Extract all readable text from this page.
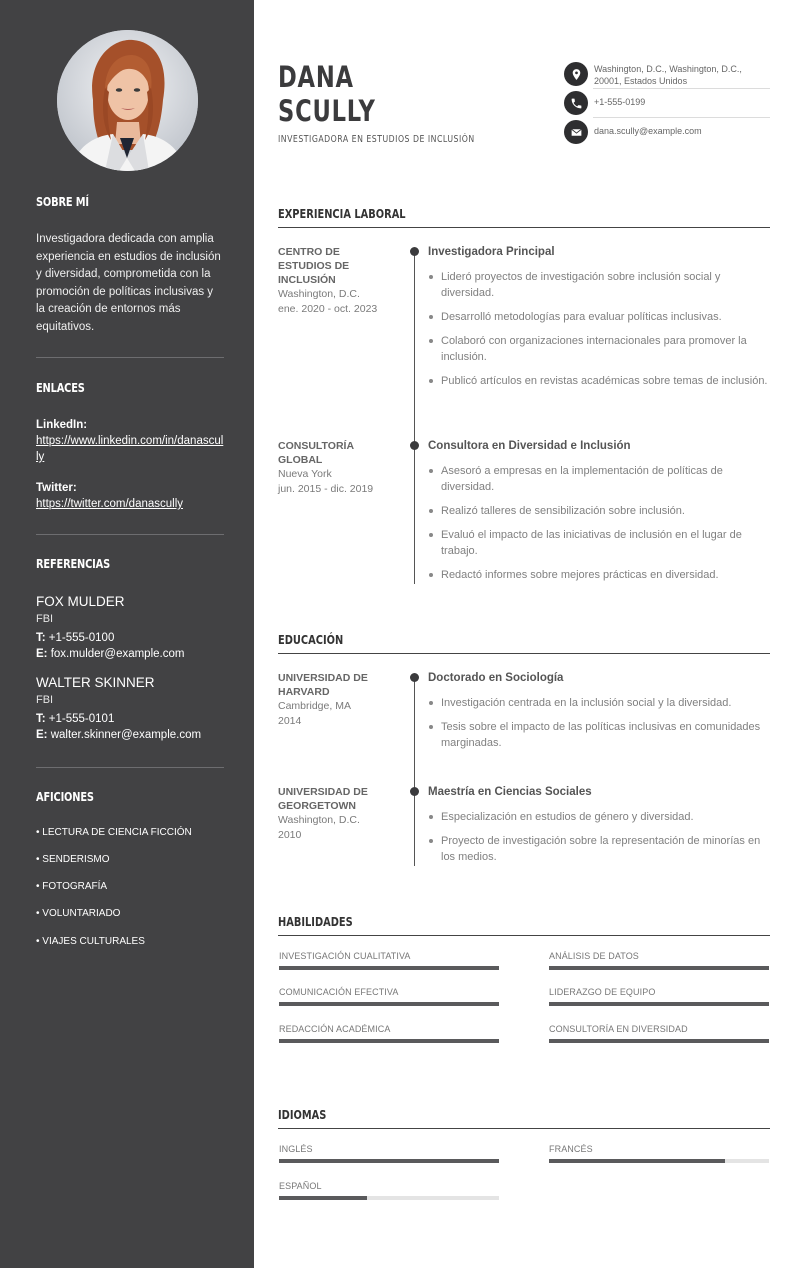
SOBRE MÍ
Investigadora dedicada con amplia experiencia en estudios de inclusión y diversidad, comprometida con la promoción de políticas inclusivas y la creación de entornos más equitativos.
ENLACES
LinkedIn:
https://www.linkedin.com/in/danascully
Twitter:
https://twitter.com/danascully
REFERENCIAS
FOX MULDER
FBI
T: +1-555-0100
E: fox.mulder@example.com
WALTER SKINNER
FBI
T: +1-555-0101
E: walter.skinner@example.com
AFICIONES
• LECTURA DE CIENCIA FICCIÓN
• SENDERISMO
• FOTOGRAFÍA
• VOLUNTARIADO
• VIAJES CULTURALES
DANA
SCULLY
INVESTIGADORA EN ESTUDIOS DE INCLUSIÓN
Washington, D.C., Washington, D.C.,
20001, Estados Unidos
+1-555-0199
dana.scully@example.com
EXPERIENCIA LABORAL
CENTRO DE ESTUDIOS DE INCLUSIÓN
Washington, D.C.
ene. 2020 - oct. 2023
Investigadora Principal
Lideró proyectos de investigación sobre inclusión social y diversidad.
Desarrolló metodologías para evaluar políticas inclusivas.
Colaboró con organizaciones internacionales para promover la inclusión.
Publicó artículos en revistas académicas sobre temas de inclusión.
CONSULTORÍA GLOBAL
Nueva York
jun. 2015 - dic. 2019
Consultora en Diversidad e Inclusión
Asesoró a empresas en la implementación de políticas de diversidad.
Realizó talleres de sensibilización sobre inclusión.
Evaluó el impacto de las iniciativas de inclusión en el lugar de trabajo.
Redactó informes sobre mejores prácticas en diversidad.
EDUCACIÓN
UNIVERSIDAD DE HARVARD
Cambridge, MA
2014
Doctorado en Sociología
Investigación centrada en la inclusión social y la diversidad.
Tesis sobre el impacto de las políticas inclusivas en comunidades marginadas.
UNIVERSIDAD DE GEORGETOWN
Washington, D.C.
2010
Maestría en Ciencias Sociales
Especialización en estudios de género y diversidad.
Proyecto de investigación sobre la representación de minorías en los medios.
HABILIDADES
INVESTIGACIÓN CUALITATIVA	ANÁLISIS DE DATOS
COMUNICACIÓN EFECTIVA	LIDERAZGO DE EQUIPO
REDACCIÓN ACADÉMICA	CONSULTORÍA EN DIVERSIDAD
IDIOMAS
INGLÉS	FRANCÉS
ESPAÑOL
